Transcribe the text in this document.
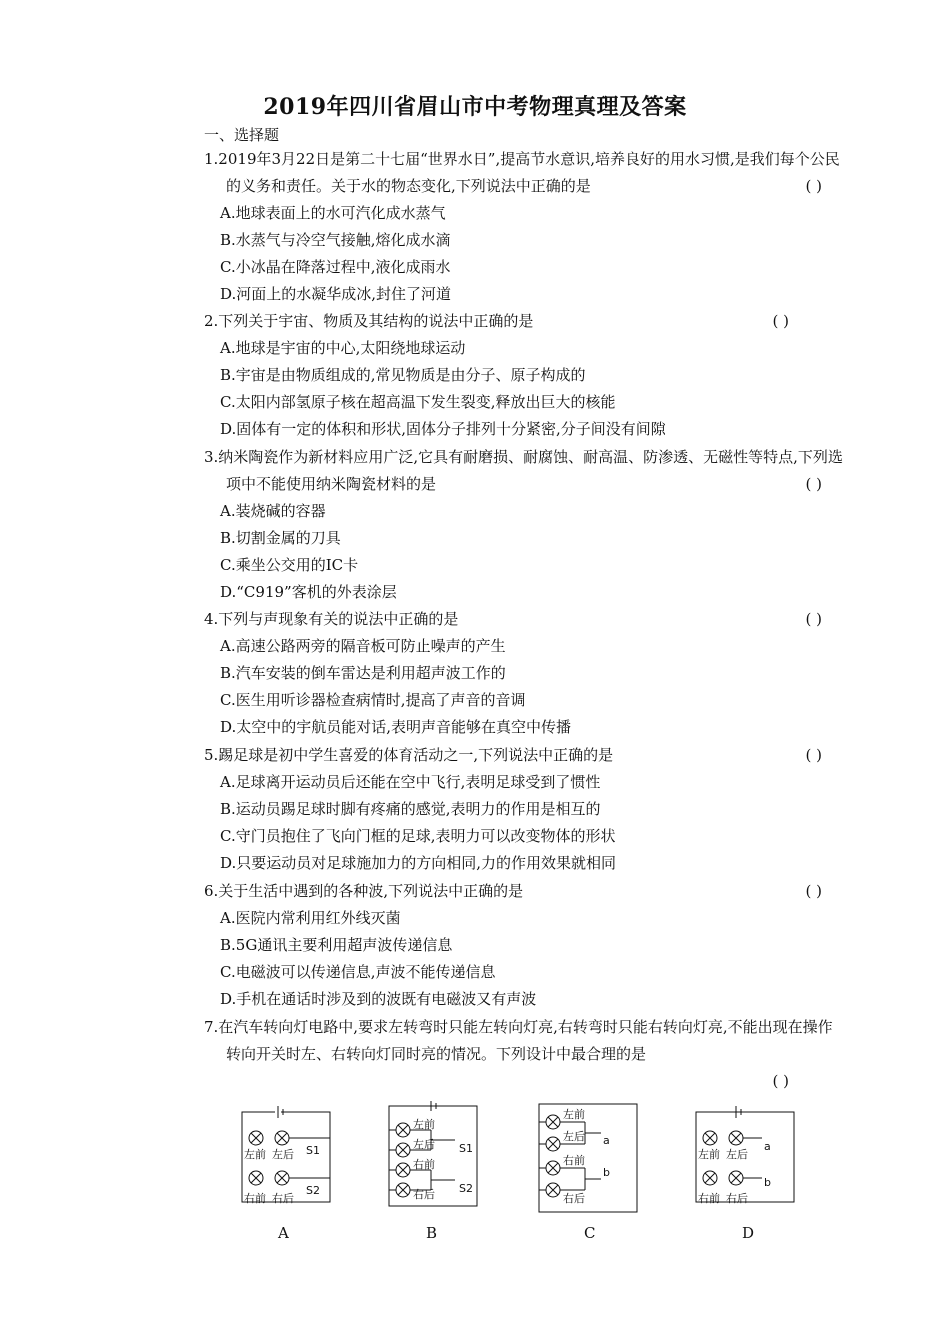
2019年四川省眉山市中考物理真理及答案
一、选择题
1.2019年3月22日是第二十七届“世界水日”,提高节水意识,培养良好的用水习惯,是我们每个公民的义务和责任。关于水的物态变化,下列说法中正确的是	( )
A.地球表面上的水可汽化成水蒸气
B.水蒸气与冷空气接触,熔化成水滴
C.小冰晶在降落过程中,液化成雨水
D.河面上的水凝华成冰,封住了河道
2.下列关于宇宙、物质及其结构的说法中正确的是	( )
A.地球是宇宙的中心,太阳绕地球运动
B.宇宙是由物质组成的,常见物质是由分子、原子构成的
C.太阳内部氢原子核在超高温下发生裂变,释放出巨大的核能
D.固体有一定的体积和形状,固体分子排列十分紧密,分子间没有间隙
3.纳米陶瓷作为新材料应用广泛,它具有耐磨损、耐腐蚀、耐高温、防渗透、无磁性等特点,下列选项中不能使用纳米陶瓷材料的是	( )
A.装烧碱的容器
B.切割金属的刀具
C.乘坐公交用的IC卡
D.“C919”客机的外表涂层
4.下列与声现象有关的说法中正确的是	( )
A.高速公路两旁的隔音板可防止噪声的产生
B.汽车安装的倒车雷达是利用超声波工作的
C.医生用听诊器检查病情时,提高了声音的音调
D.太空中的宇航员能对话,表明声音能够在真空中传播
5.踢足球是初中学生喜爱的体育活动之一,下列说法中正确的是	( )
A.足球离开运动员后还能在空中飞行,表明足球受到了惯性
B.运动员踢足球时脚有疼痛的感觉,表明力的作用是相互的
C.守门员抱住了飞向门框的足球,表明力可以改变物体的形状
D.只要运动员对足球施加力的方向相同,力的作用效果就相同
6.关于生活中遇到的各种波,下列说法中正确的是	( )
A.医院内常利用红外线灭菌
B.5G通讯主要利用超声波传递信息
C.电磁波可以传递信息,声波不能传递信息
D.手机在通话时涉及到的波既有电磁波又有声波
7.在汽车转向灯电路中,要求左转弯时只能左转向灯亮,右转弯时只能右转向灯亮,不能出现在操作转向开关时左、右转向灯同时亮的情况。下列设计中最合理的是
( )
左前 左后
右前 右后
S1
S2
左前
左后
右前
右后
S1
S2
左前
左后
右前
右后
a
b
左前 左后
右前 右后
a
b
A	B	C	D
